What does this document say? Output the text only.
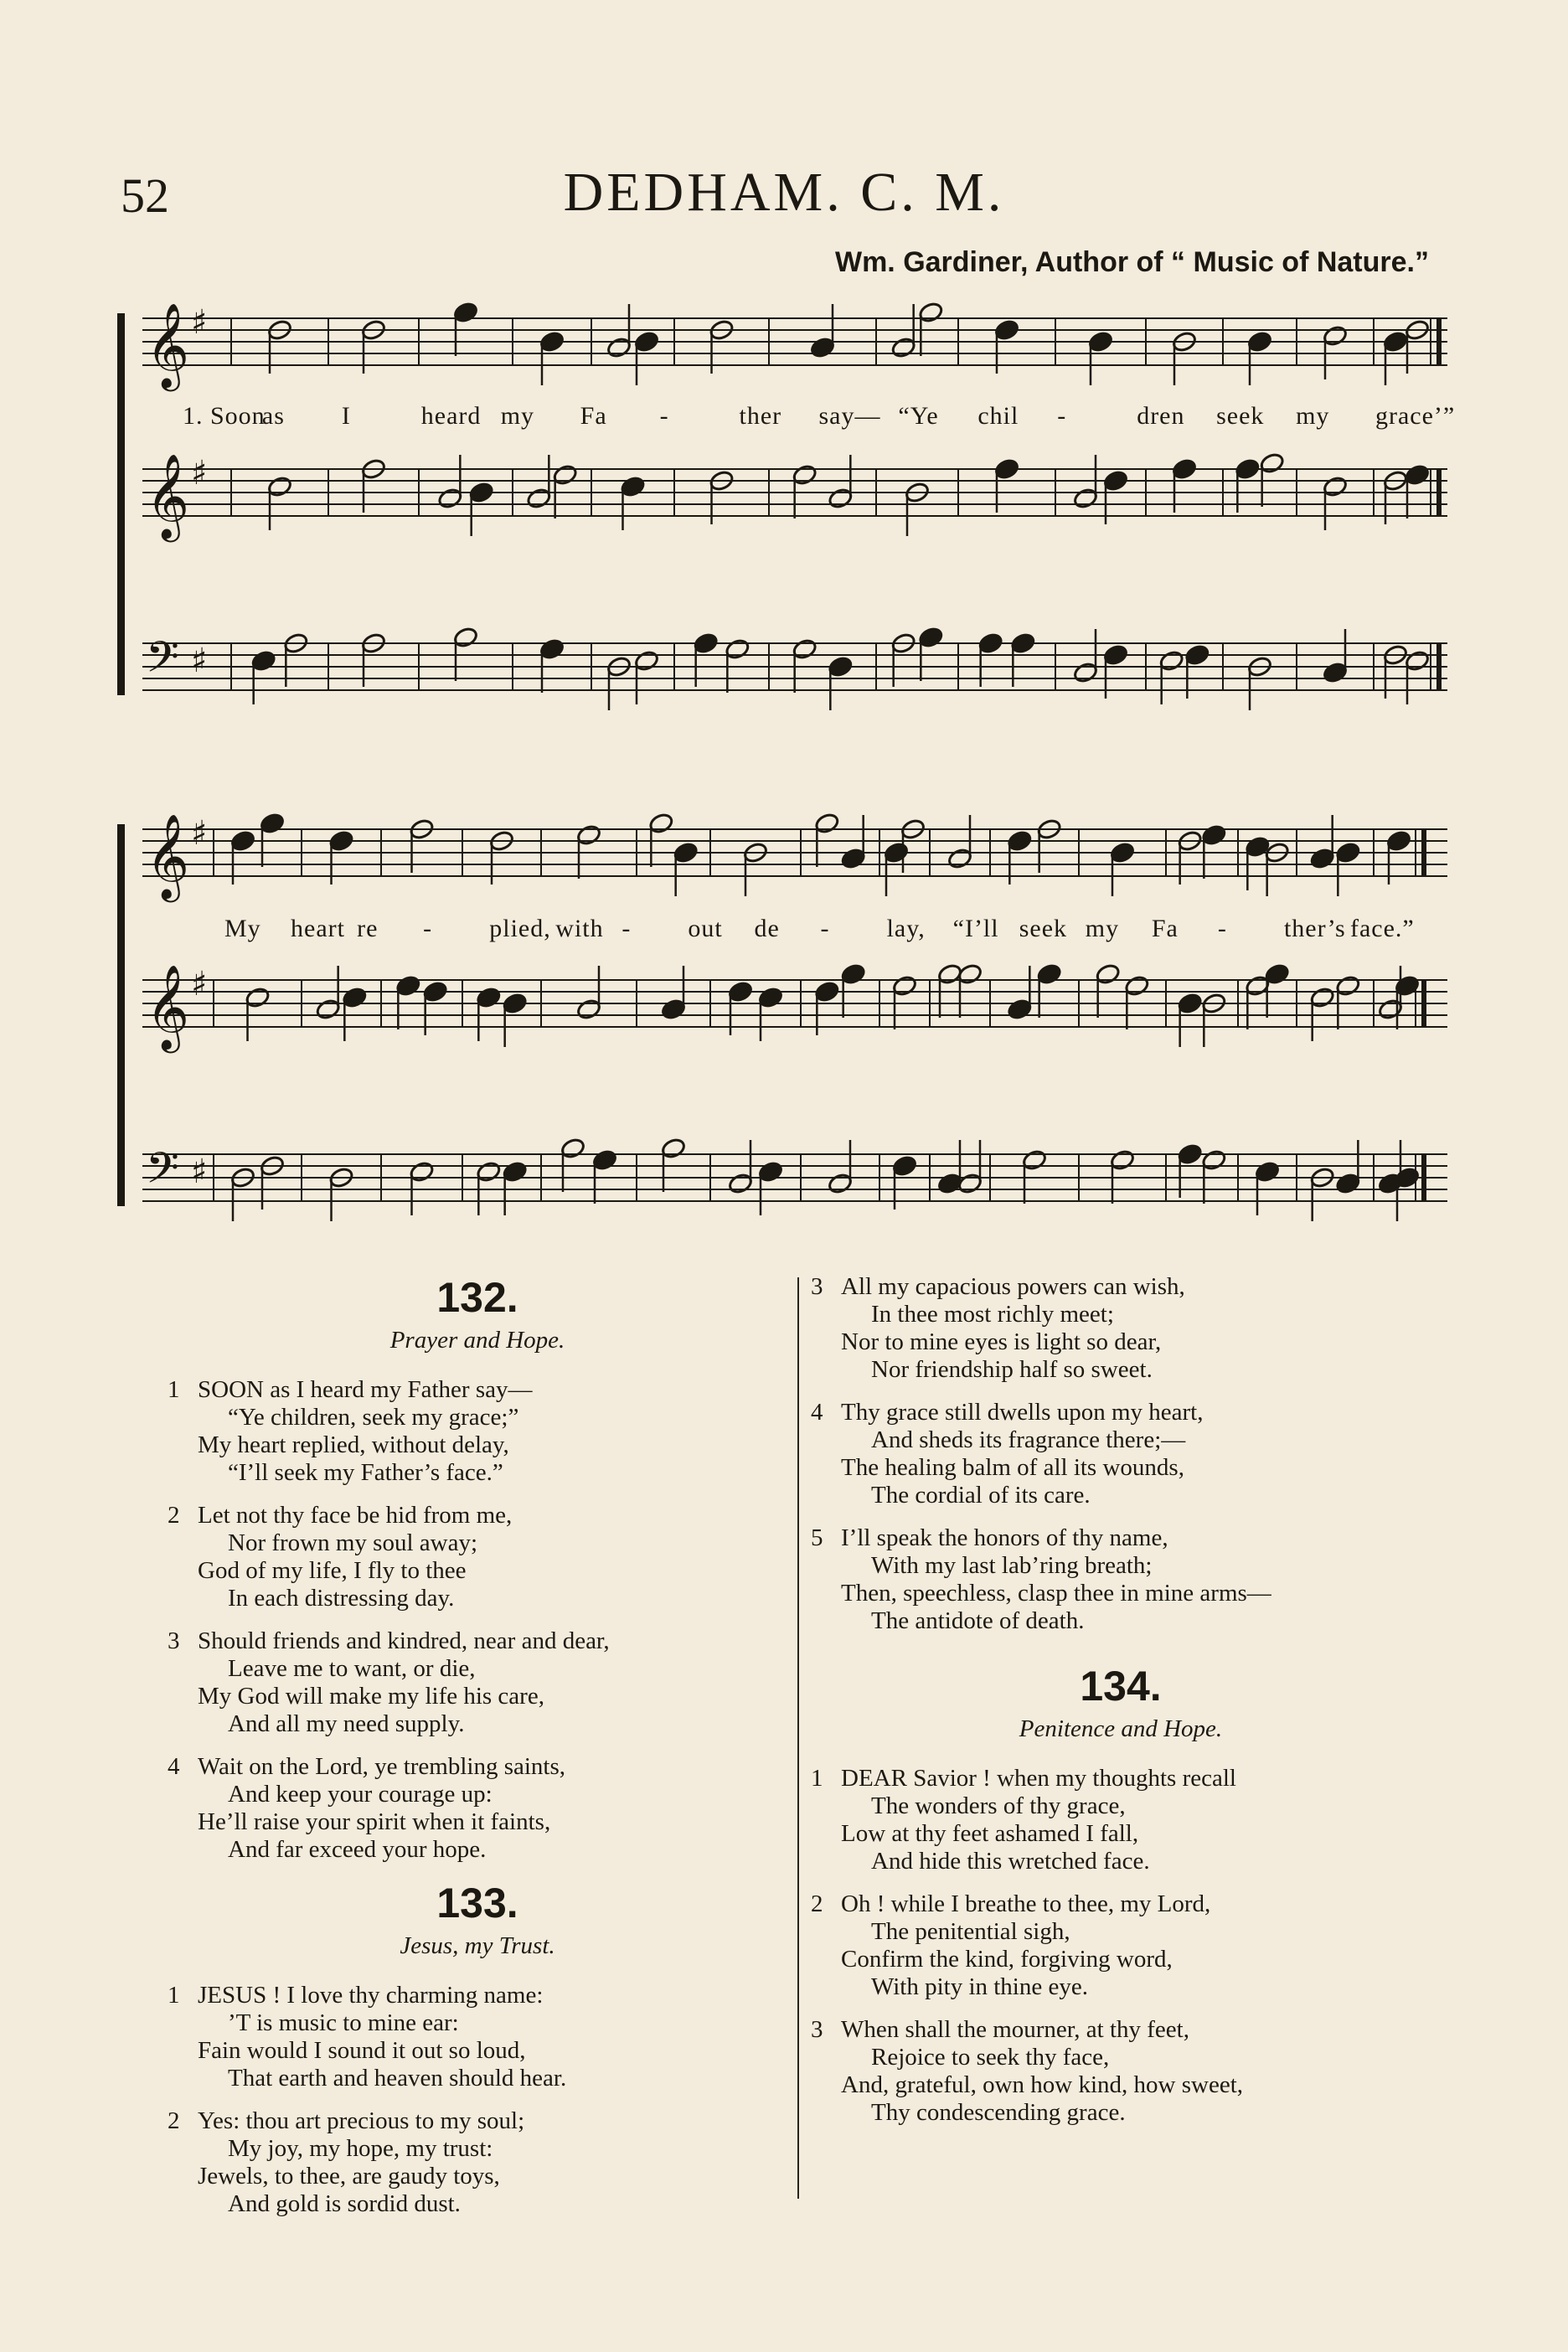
52	DEDHAM. C. M.
Wm. Gardiner, Author of “ Music of Nature.”
𝄞 ♯
𝄞 ♯
𝄢 ♯
𝄞 ♯
𝄞 ♯
𝄢 ♯
1. Soon
as I	heard my Fa -	ther say— “Ye chil -	dren seek my grace’”
My heart re - plied, with - out de - lay, “I’ll seek my Fa - ther’s face.”
132.
Prayer and Hope.
1 SOON as I heard my Father say—
“Ye children, seek my grace;”
My heart replied, without delay,
“I’ll seek my Father’s face.”
2 Let not thy face be hid from me,
Nor frown my soul away;
God of my life, I fly to thee
In each distressing day.
3 Should friends and kindred, near and dear,
Leave me to want, or die,
My God will make my life his care,
And all my need supply.
4 Wait on the Lord, ye trembling saints,
And keep your courage up:
He’ll raise your spirit when it faints,
And far exceed your hope.
133.
Jesus, my Trust.
1 JESUS ! I love thy charming name:
’T is music to mine ear:
Fain would I sound it out so loud,
That earth and heaven should hear.
2 Yes: thou art precious to my soul;
My joy, my hope, my trust:
Jewels, to thee, are gaudy toys,
And gold is sordid dust.
3 All my capacious powers can wish,
In thee most richly meet;
Nor to mine eyes is light so dear,
Nor friendship half so sweet.
4 Thy grace still dwells upon my heart,
And sheds its fragrance there;—
The healing balm of all its wounds,
The cordial of its care.
5 I’ll speak the honors of thy name,
With my last lab’ring breath;
Then, speechless, clasp thee in mine arms—
The antidote of death.
134.
Penitence and Hope.
1 DEAR Savior ! when my thoughts recall
The wonders of thy grace,
Low at thy feet ashamed I fall,
And hide this wretched face.
2 Oh ! while I breathe to thee, my Lord,
The penitential sigh,
Confirm the kind, forgiving word,
With pity in thine eye.
3 When shall the mourner, at thy feet,
Rejoice to seek thy face,
And, grateful, own how kind, how sweet,
Thy condescending grace.
